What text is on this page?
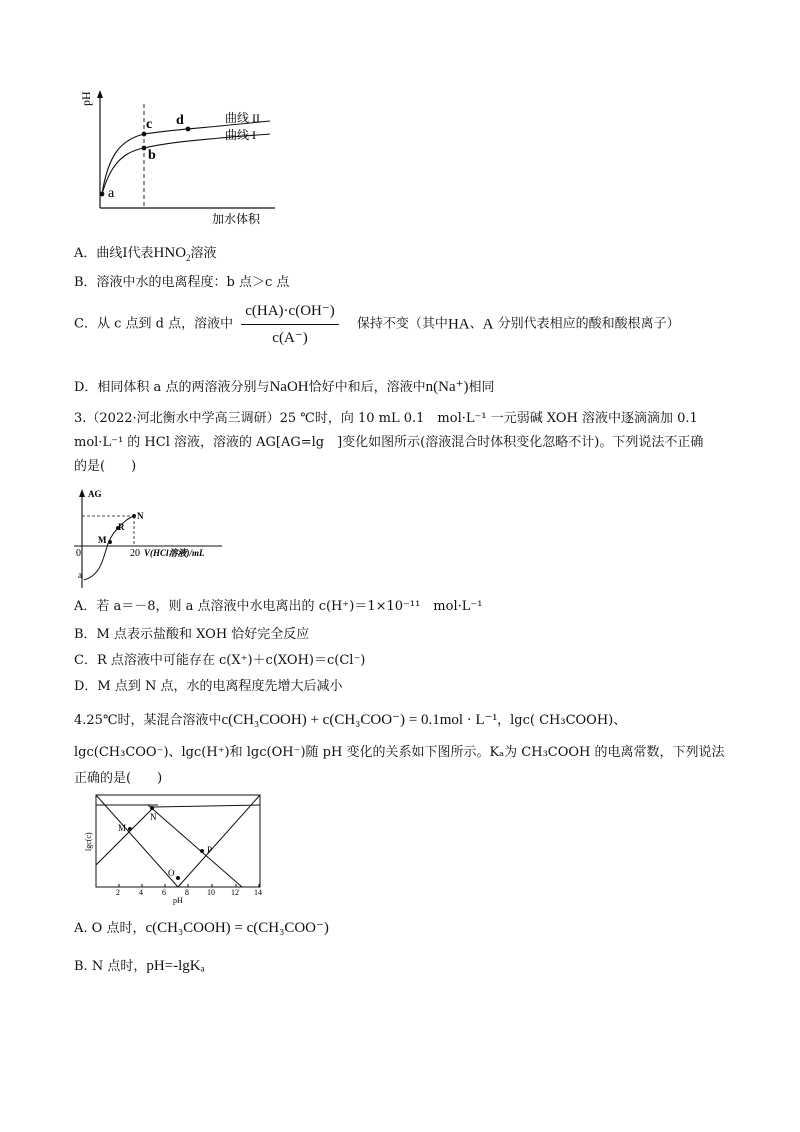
pH
a
b
c d	曲线 II
曲线 I
加水体积
A．曲线Ⅰ代表$HNO_2$溶液
B．溶液中水的电离程度：b 点＞c 点
C．从 c 点到 d 点，溶液中 $\frac{c(HA)\cdot c(OH^-)}{c(A^-)}$ 保持不变（其中HA、A 分别代表相应的酸和酸根离子）
D．相同体积 a 点的两溶液分别与NaOH恰好中和后，溶液中n(Na⁺)相同
3.（2022·河北衡水中学高三调研）25 ℃时，向 10 mL 0.1　mol·L⁻¹ 一元弱碱 XOH 溶液中逐滴滴加 0.1
mol·L⁻¹ 的 HCl 溶液，溶液的 AG[AG=lg　]变化如图所示(溶液混合时体积变化忽略不计)。下列说法不正确
的是(　　)
AG
0	20 V(HCl溶液)/mL
a
M
R
N
A．若 a＝－8，则 a 点溶液中水电离出的 c(H⁺)＝1×10⁻¹¹　mol·L⁻¹
B．M 点表示盐酸和 XOH 恰好完全反应
C．R 点溶液中可能存在 c(X⁺)＋c(XOH)＝c(Cl⁻)
D．M 点到 N 点，水的电离程度先增大后减小
4.25℃时，某混合溶液中c(CH₃COOH) + c(CH₃COO⁻) = 0.1mol · L⁻¹，lgc( CH₃COOH)、
lgc(CH₃COO⁻)、lgc(H⁺)和 lgc(OH⁻)随 pH 变化的关系如下图所示。Kₐ为 CH₃COOH 的电离常数，下列说法
正确的是(　　)
lgc(c)
M
N
O
P
2 4 6 8 10 12 14
pH
A. O 点时，c(CH₃COOH) = c(CH₃COO⁻)
B. N 点时，pH=-lgKₐ
